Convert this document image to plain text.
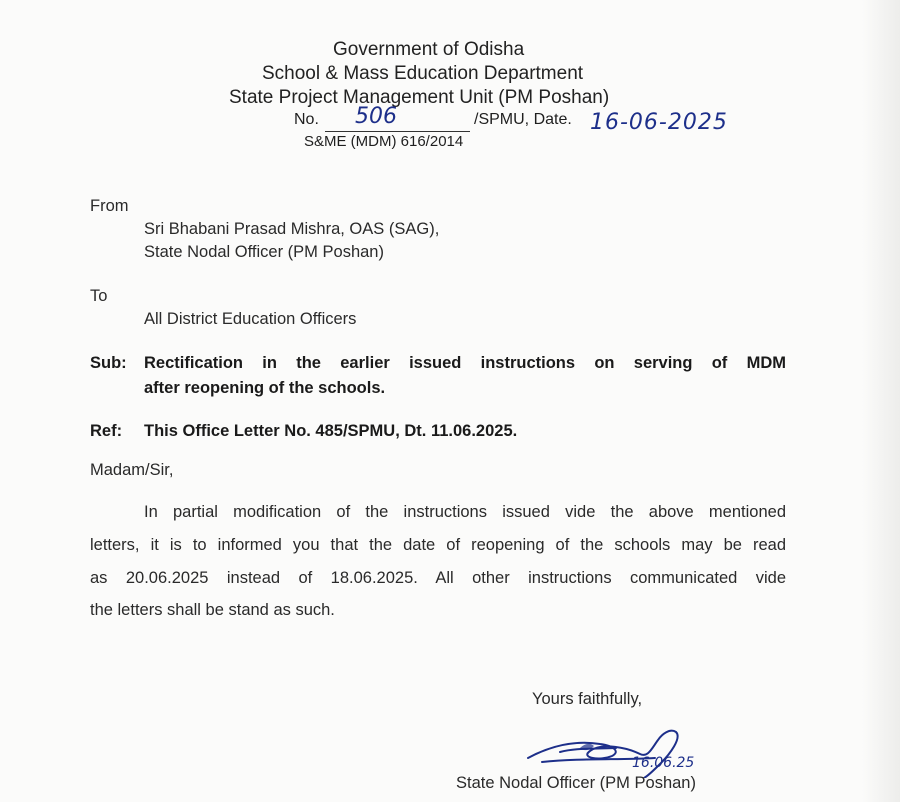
Government of Odisha
School & Mass Education Department
State Project Management Unit (PM Poshan)
No. 506	/SPMU, Date. 16-06-2025
S&ME (MDM) 616/2014
From
Sri Bhabani Prasad Mishra, OAS (SAG),
State Nodal Officer (PM Poshan)
To
All District Education Officers
Sub: Rectification in the earlier issued instructions on serving of MDM
after reopening of the schools.
Ref: This Office Letter No. 485/SPMU, Dt. 11.06.2025.
Madam/Sir,
In partial modification of the instructions issued vide the above mentioned
letters, it is to informed you that the date of reopening of the schools may be read
as 20.06.2025 instead of 18.06.2025. All other instructions communicated vide
the letters shall be stand as such.
Yours faithfully,
16.06.25
State Nodal Officer (PM Poshan)
